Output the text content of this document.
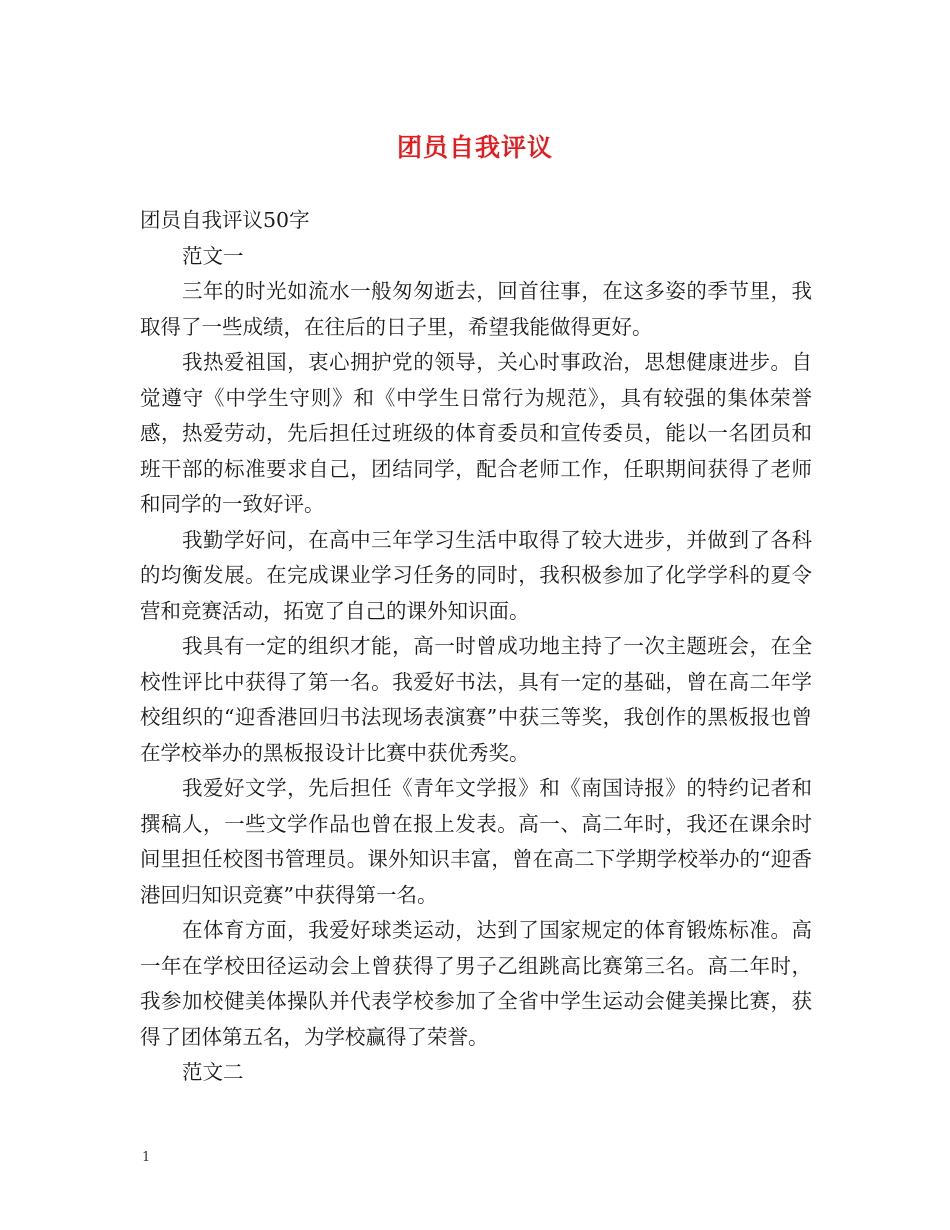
团员自我评议

团员自我评议50字

范文一

三年的时光如流水一般匆匆逝去，回首往事，在这多姿的季节里，我取得了一些成绩，在往后的日子里，希望我能做得更好。

我热爱祖国，衷心拥护党的领导，关心时事政治，思想健康进步。自觉遵守《中学生守则》和《中学生日常行为规范》，具有较强的集体荣誉感，热爱劳动，先后担任过班级的体育委员和宣传委员，能以一名团员和班干部的标准要求自己，团结同学，配合老师工作，任职期间获得了老师和同学的一致好评。

我勤学好问，在高中三年学习生活中取得了较大进步，并做到了各科的均衡发展。在完成课业学习任务的同时，我积极参加了化学学科的夏令营和竞赛活动，拓宽了自己的课外知识面。

我具有一定的组织才能，高一时曾成功地主持了一次主题班会，在全校性评比中获得了第一名。我爱好书法，具有一定的基础，曾在高二年学校组织的“迎香港回归书法现场表演赛”中获三等奖，我创作的黑板报也曾在学校举办的黑板报设计比赛中获优秀奖。

我爱好文学，先后担任《青年文学报》和《南国诗报》的特约记者和撰稿人，一些文学作品也曾在报上发表。高一、高二年时，我还在课余时间里担任校图书管理员。课外知识丰富，曾在高二下学期学校举办的“迎香港回归知识竞赛”中获得第一名。

在体育方面，我爱好球类运动，达到了国家规定的体育锻炼标准。高一年在学校田径运动会上曾获得了男子乙组跳高比赛第三名。高二年时，我参加校健美体操队并代表学校参加了全省中学生运动会健美操比赛，获得了团体第五名，为学校赢得了荣誉。

范文二

1
